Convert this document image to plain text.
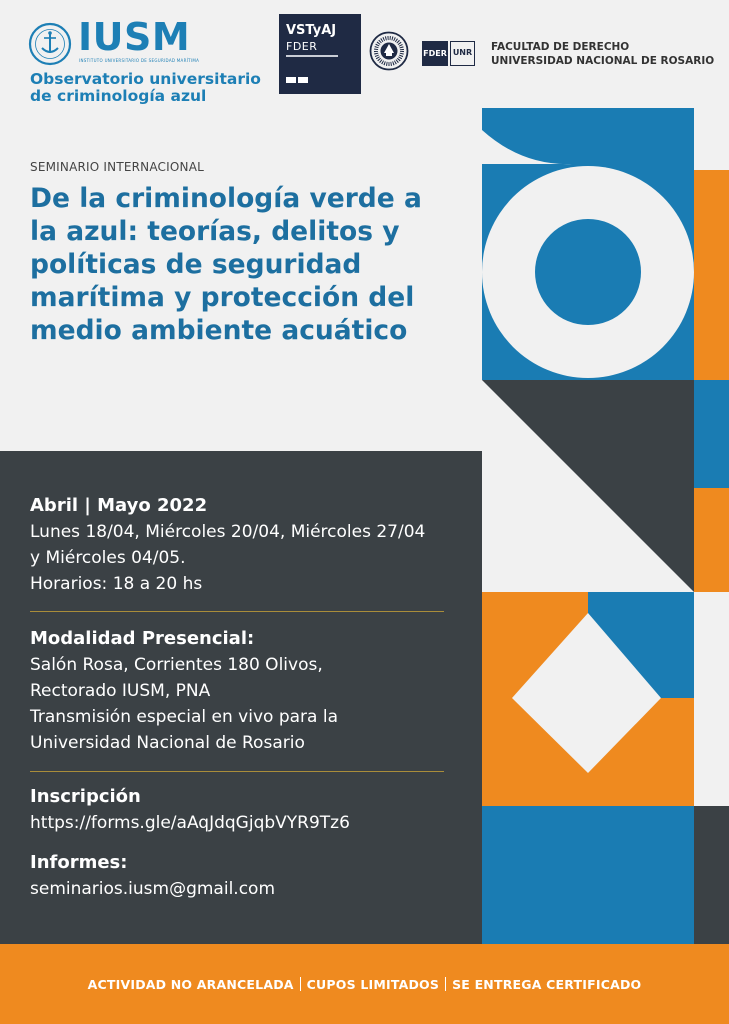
IUSM
INSTITUTO UNIVERSITARIO DE SEGURIDAD MARÍTIMA
Observatorio universitario
de criminología azul
VSTyAJ
FDER
FDER UNR FACULTAD DE DERECHO
UNIVERSIDAD NACIONAL DE ROSARIO
SEMINARIO INTERNACIONAL
De la criminología verde a
la azul: teorías, delitos y
políticas de seguridad
marítima y protección del
medio ambiente acuático
Abril | Mayo 2022
Lunes 18/04, Miércoles 20/04, Miércoles 27/04
y Miércoles 04/05.
Horarios: 18 a 20 hs
Modalidad Presencial:
Salón Rosa, Corrientes 180 Olivos,
Rectorado IUSM, PNA
Transmisión especial en vivo para la
Universidad Nacional de Rosario
Inscripción
https://forms.gle/aAqJdqGjqbVYR9Tz6
Informes:
seminarios.iusm@gmail.com
ACTIVIDAD NO ARANCELADA CUPOS LIMITADOS SE ENTREGA CERTIFICADO
